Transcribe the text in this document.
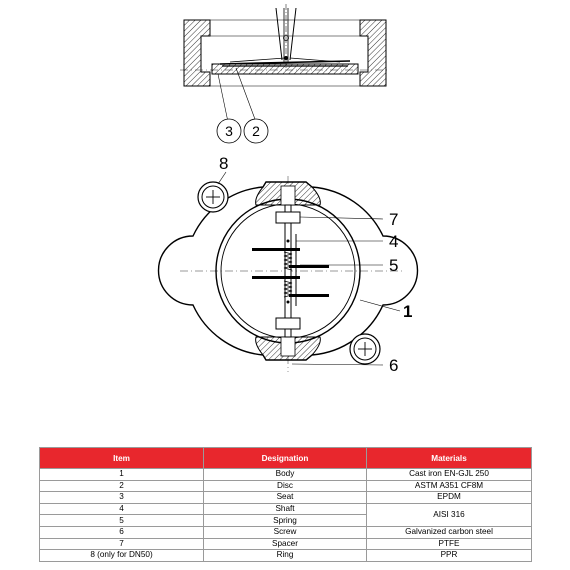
3 2
8
7
4
5
1
6
Item	Designation	Materials
1	Body	Cast iron EN-GJL 250
2	Disc	ASTM A351 CF8M
3	Seat	EPDM
4	Shaft	AISI 316
5	Spring	
6	Screw	Galvanized carbon steel
7	Spacer	PTFE
8 (only for DN50)	Ring	PPR
